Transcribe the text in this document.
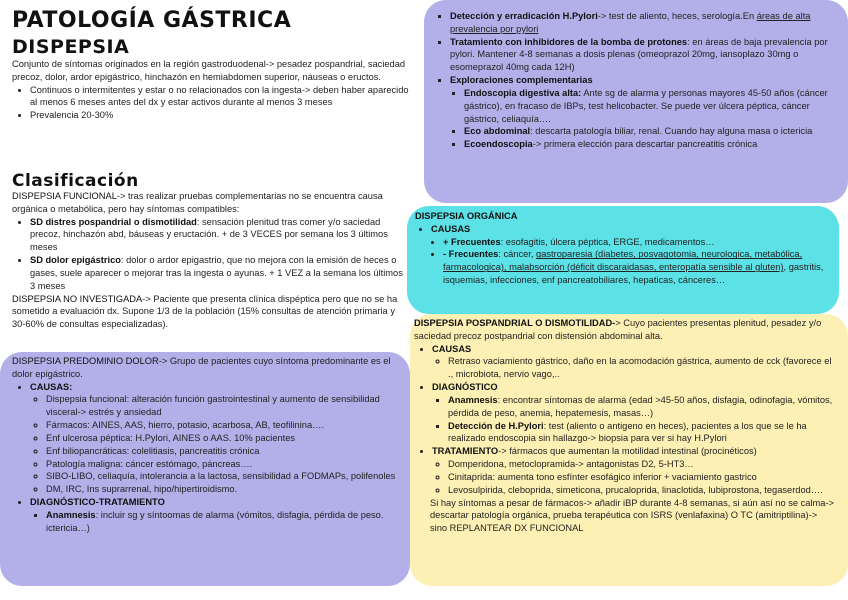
PATOLOGÍA GÁSTRICA
DISPEPSIA

Conjunto de síntomas originados en la región gastroduodenal-> pesadez pospandrial, saciedad precoz, dolor, ardor epigástrico, hinchazón en hemiabdomen superior, náuseas o eructos.

• Continuos o intermitentes y estar o no relacionados con la ingesta-> deben haber aparecido al menos 6 meses antes del dx y estar activos durante al menos 3 meses
• Prevalencia 20-30%
Clasificación

DISPEPSIA FUNCIONAL-> tras realizar pruebas complementarias no se encuentra causa orgánica o metabólica, pero hay síntomas compatibles:

• SD distres pospandrial o dismotilidad: sensación plenitud tras comer y/o saciedad precoz, hinchazón abd, báuseas y eructación. + de 3 VECES por semana los 3 últimos meses
• SD dolor epigástrico: dolor o ardor epigastrio, que no mejora con la emisión de heces o gases, suele aparecer o mejorar tras la ingesta o ayunas. + 1 VEZ a la semana los últimos 3 meses

DISPEPSIA NO INVESTIGADA-> Paciente que presenta clínica dispéptica pero que no se ha sometido a evaluación dx. Supone 1/3 de la población (15% consultas de atención primaria y 30-60% de consultas especializadas).

DISPEPSIA PREDOMINIO DOLOR-> Grupo de pacientes cuyo síntoma predominante es el dolor epigástrico.

• CAUSAS:
◦ Dispepsia funcional: alteración función gastrointestinal y aumento de sensibilidad visceral-> estrés y ansiedad
◦ Fármacos: AINES, AAS, hierro, potasio, acarbosa, AB, teofilinina….
◦ Enf ulcerosa péptica: H.Pylori, AINES o AAS. 10% pacientes
◦ Enf biliopancráticas: colelitiasis, pancreatitis crónica
◦ Patología maligna: cáncer estómago, páncreas….
◦ SIBO-LIBO, celiaquía, intolerancia a la lactosa, sensibilidad a FODMAPs, polifenoles
◦ DM, IRC, Ins suprarrenal, hipo/hipertiroidismo.
• DIAGNÓSTICO-TRATAMIENTO
▪ Anamnesis: incluir sg y síntoomas de alarma (vómitos, disfagia, pérdida de peso. ictericia…)
▪ Detección y erradicación H.Pylori-> test de aliento, heces, serología.En áreas de alta prevalencia por pylori
▪ Tratamiento con inhibidores de la bomba de protones: en áreas de baja prevalencia por pylori. Mantener 4-8 semanas a dosis plenas (omeoprazol 20mg, iansoplazo 30mg o esomeprazol 40mg cada 12H)
▪ Exploraciones complementarias
▪ Endoscopia digestiva alta: Ante sg de alarma y personas mayores 45-50 años (cáncer gástrico), en fracaso de IBPs, test helicobacter. Se puede ver úlcera péptica, cáncer gástrico, celiaquía….
▪ Eco abdominal: descarta patología biliar, renal. Cuando hay alguna masa o ictericia
▪ Ecoendoscopia-> primera elección para descartar pancreatitis crónica

DISPEPSIA ORGÁNICA

• CAUSAS
• + Frecuentes: esofagitis, úlcera péptica, ERGE, medicamentos…
• - Frecuentes: cáncer, gastroparesia (diabetes, posvagotomia, neurologica, metabólica, farmacologica), malabsorción (déficit discaraidasas, enteropatía sensible al gluten), gastritis, isquemias, infecciones, enf pancreatobiliares, hepaticas, cánceres…

DISPEPSIA POSPANDRIAL O DISMOTILIDAD-> Cuyo pacientes presentas plenitud, pesadez y/o saciedad precoz postpandrial con distensión abdominal alta.

• CAUSAS
◦ Retraso vaciamiento gástrico, daño en la acomodación gástrica, aumento de cck (favorece el ., microbiota, nervio vago,..
• DIAGNÓSTICO
▪ Anamnesis: encontrar síntomas de alarma (edad >45-50 años, disfagia, odinofagia, vómitos, pérdida de peso, anemia, hepatemesis, masas…)
▪ Detección de H.Pylori: test (aliento o antigeno en heces), pacientes a los que se le ha realizado endoscopia sin hallazgo-> biopsia para ver si hay H.Pylori
• TRATAMIENTO-> fármacos que aumentan la motilidad intestinal (procinéticos)
◦ Domperidona, metoclopramida-> antagonistas D2, 5-HT3…
◦ Cinitaprida: aumenta tono esfínter esofágico inferior + vaciamiento gastrico
◦ Levosulpirida, cleboprida, simeticona, prucaloprida, linaclotida, lubiprostona, tegaserdod….

Si hay síntomas a pesar de fármacos-> añadir iBP durante 4-8 semanas, si aún así no se calma-> descartar patología orgánica, prueba terapéutica con ISRS (venlafaxina) O TC (amitriptilina)-> sino REPLANTEAR DX FUNCIONAL
